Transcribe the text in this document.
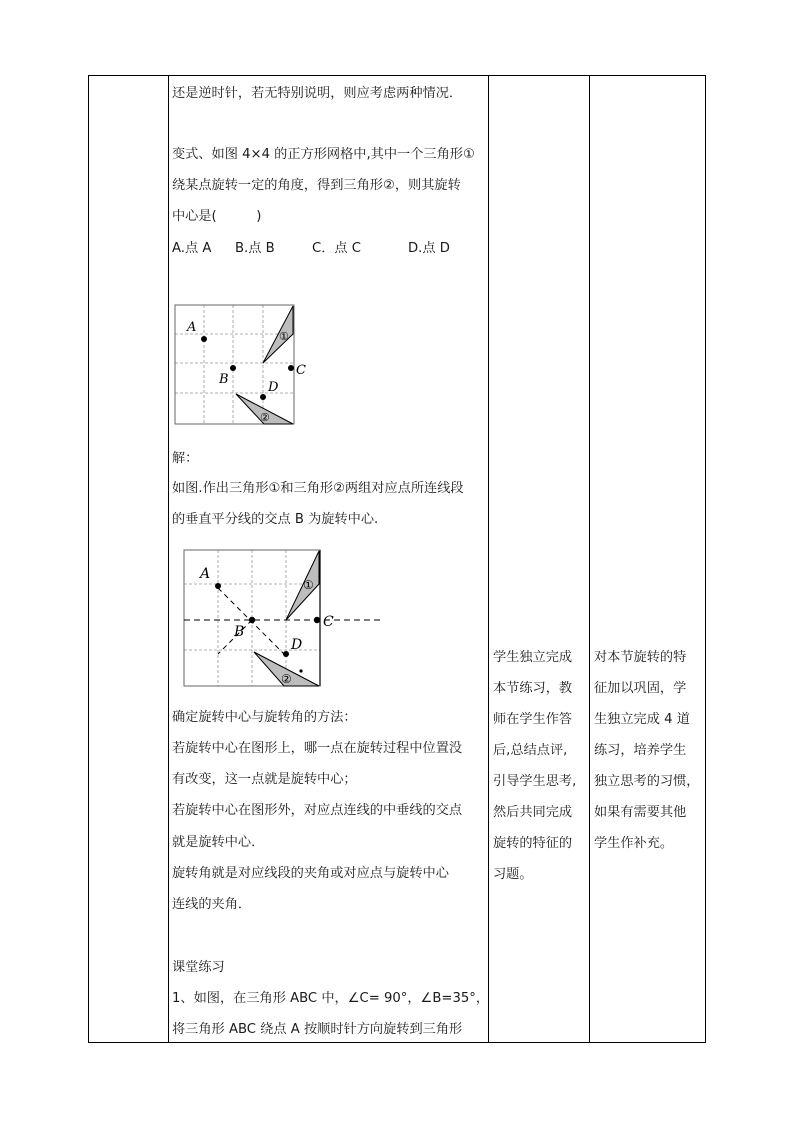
还是逆时针，若无特别说明，则应考虑两种情况．
变式、如图 4×4 的正方形网格中,其中一个三角形①
绕某点旋转一定的角度，得到三角形②，则其旋转
中心是(　　　)
A.点 A B.点 B	C．点 C	D.点 D
A
B
C
D
①
②
解：
如图.作出三角形①和三角形②两组对应点所连线段
的垂直平分线的交点 B 为旋转中心.
A
B
C
D
①
②
确定旋转中心与旋转角的方法：
若旋转中心在图形上，哪一点在旋转过程中位置没
有改变，这一点就是旋转中心；
若旋转中心在图形外，对应点连线的中垂线的交点
就是旋转中心．
旋转角就是对应线段的夹角或对应点与旋转中心
连线的夹角．
课堂练习
1、如图，在三角形 ABC 中，∠C= 90°，∠B=35°，
将三角形 ABC 绕点 A 按顺时针方向旋转到三角形
学生独立完成
本节练习，教
师在学生作答
后,总结点评,
引导学生思考,
然后共同完成
旋转的特征的
习题。
对本节旋转的特
征加以巩固，学
生独立完成 4 道
练习，培养学生
独立思考的习惯，
如果有需要其他
学生作补充。
